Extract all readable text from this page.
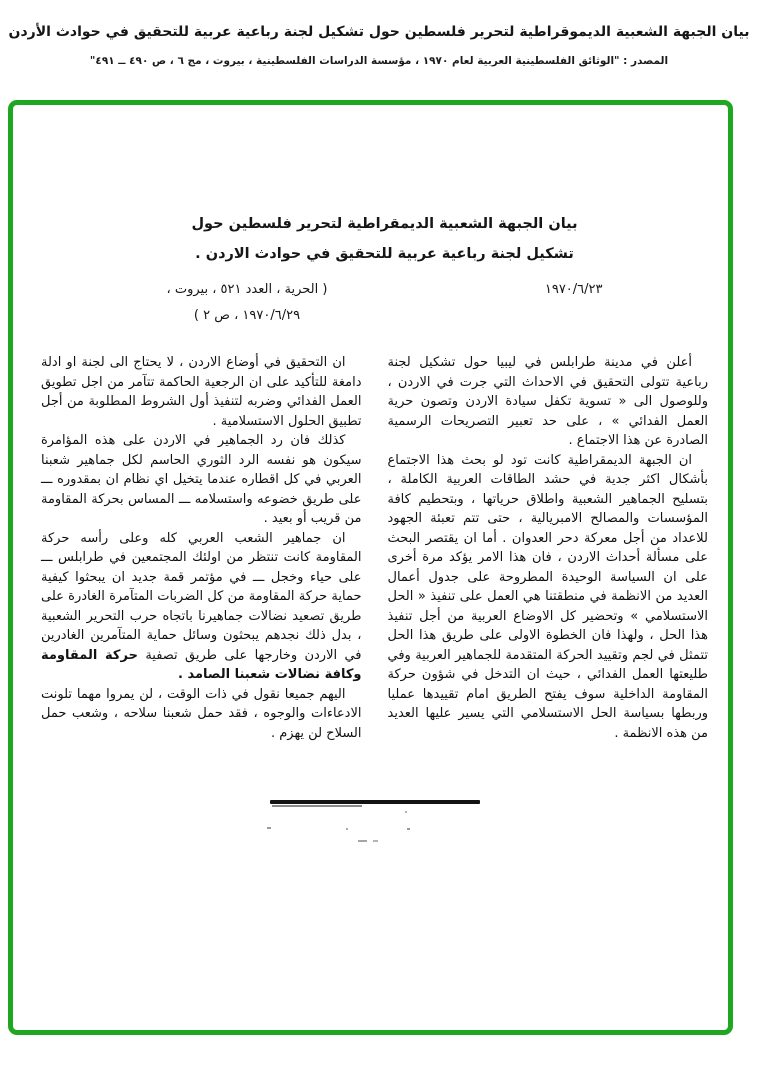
بيان الجبهة الشعبية الديموقراطية لتحرير فلسطين حول تشكيل لجنة رباعية عربية للتحقيق في حوادث الأردن
المصدر : "الوثائق الفلسطينية العربية لعام ١٩٧٠ ، مؤسسة الدراسات الفلسطينية ، بيروت ، مج ٦ ، ص ٤٩٠ ــ ٤٩١"
بيان الجبهة الشعبية الديمقراطية لتحرير فلسطين حول
تشكيل لجنة رباعية عربية للتحقيق في حوادث الاردن .
١٩٧٠/٦/٢٣
( الحرية ، العدد ٥٢١ ، بيروت ،
١٩٧٠/٦/٢٩ ، ص ٢ )

أعلن في مدينة طرابلس في ليبيا حول تشكيل لجنة رباعية تتولى التحقيق في الاحداث التي جرت في الاردن ، وللوصول الى « تسوية تكفل سيادة الاردن وتصون حرية العمل الفدائي » ، على حد تعبير التصريحات الرسمية الصادرة عن هذا الاجتماع .

ان الجبهة الديمقراطية كانت تود لو بحث هذا الاجتماع بأشكال اكثر جدية في حشد الطاقات العربية الكاملة ، بتسليح الجماهير الشعبية واطلاق حرياتها ، وبتحطيم كافة المؤسسات والمصالح الامبريالية ، حتى تتم تعبئة الجهود للاعداد من أجل معركة دحر العدوان . أما ان يقتصر البحث على مسألة أحداث الاردن ، فان هذا الامر يؤكد مرة أخرى على ان السياسة الوحيدة المطروحة على جدول أعمال العديد من الانظمة في منطقتنا هي العمل على تنفيذ « الحل الاستسلامي » وتحضير كل الاوضاع العربية من أجل تنفيذ هذا الحل ، ولهذا فان الخطوة الاولى على طريق هذا الحل تتمثل في لجم وتقييد الحركة المتقدمة للجماهير العربية وفي طليعتها العمل الفدائي ، حيث ان التدخل في شؤون حركة المقاومة الداخلية سوف يفتح الطريق امام تقييدها عمليا وربطها بسياسة الحل الاستسلامي التي يسير عليها العديد من هذه الانظمة .

ان التحقيق في أوضاع الاردن ، لا يحتاج الى لجنة او ادلة دامغة للتأكيد على ان الرجعية الحاكمة تتآمر من اجل تطويق العمل الفدائي وضربه لتنفيذ أول الشروط المطلوبة من أجل تطبيق الحلول الاستسلامية .

كذلك فان رد الجماهير في الاردن على هذه المؤامرة سيكون هو نفسه الرد الثوري الحاسم لكل جماهير شعبنا العربي في كل اقطاره عندما يتخيل اي نظام ان بمقدوره ـــ على طريق خضوعه واستسلامه ـــ المساس بحركة المقاومة من قريب أو بعيد .

ان جماهير الشعب العربي كله وعلى رأسه حركة المقاومة كانت تنتظر من اولئك المجتمعين في طرابلس ـــ على حياء وخجل ـــ في مؤتمر قمة جديد ان يبحثوا كيفية حماية حركة المقاومة من كل الضربات المتآمرة الغادرة على طريق تصعيد نضالات جماهيرنا باتجاه حرب التحرير الشعبية ، بدل ذلك نجدهم يبحثون وسائل حماية المتآمرين الغادرين في الاردن وخارجها على طريق تصفية حركة المقاومة وكافة نضالات شعبنا الصامد .

اليهم جميعا نقول في ذات الوقت ، لن يمروا مهما تلونت الادعاءات والوجوه ، فقد حمل شعبنا سلاحه ، وشعب حمل السلاح لن يهزم .
